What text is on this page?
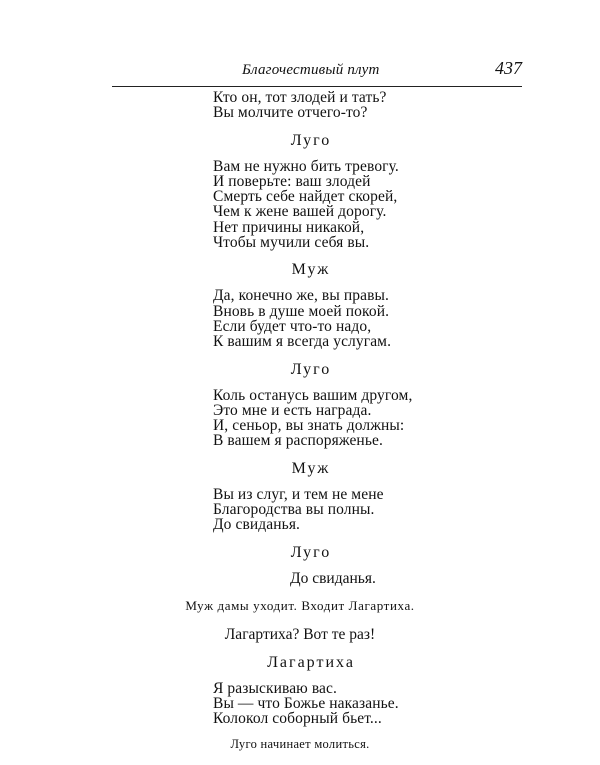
Благочестивый плут	437
Кто он, тот злодей и тать?
Вы молчите отчего-то?
Луго
Вам не нужно бить тревогу.
И поверьте: ваш злодей
Смерть себе найдет скорей,
Чем к жене вашей дорогу.
Нет причины никакой,
Чтобы мучили себя вы.
Муж
Да, конечно же, вы правы.
Вновь в душе моей покой.
Если будет что-то надо,
К вашим я всегда услугам.
Луго
Коль останусь вашим другом,
Это мне и есть награда.
И, сеньор, вы знать должны:
В вашем я распоряженье.
Муж
Вы из слуг, и тем не мене
Благородства вы полны.
До свиданья.
Луго
До свиданья.
Муж дамы уходит. Входит Лагартиха.
Лагартиха? Вот те раз!
Лагартиха
Я разыскиваю вас.
Вы — что Божье наказанье.
Колокол соборный бьет...
Луго начинает молиться.
